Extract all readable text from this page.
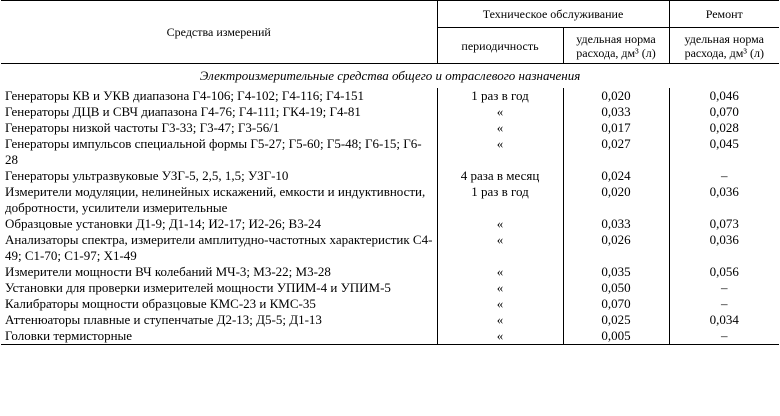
Средства измерений	Техническое обслуживание		Ремонт
	периодичность	удельная норма расхода, дм³ (л)	удельная норма расхода, дм³ (л)
Электроизмерительные средства общего и отраслевого назначения			
Генераторы КВ и УКВ диапазона Г4-106; Г4-102; Г4-116; Г4-151	1 раз в год	0,020	0,046
Генераторы ДЦВ и СВЧ диапазона Г4-76; Г4-111; ГК4-19; Г4-81	«	0,033	0,070
Генераторы низкой частоты Г3-33; Г3-47; Г3-56/1	«	0,017	0,028
Генераторы импульсов специальной формы Г5-27; Г5-60; Г5-48; Г6-15; Г6-28	«	0,027	0,045
Генераторы ультразвуковые УЗГ-5, 2,5, 1,5; УЗГ-10	4 раза в месяц	0,024	–
Измерители модуляции, нелинейных искажений, емкости и индуктивности, добротности, усилители измерительные	1 раз в год	0,020	0,036
Образцовые установки Д1-9; Д1-14; И2-17; И2-26; В3-24	«	0,033	0,073
Анализаторы спектра, измерители амплитудно-частотных характеристик С4-49; С1-70; С1-97; Х1-49	«	0,026	0,036
Измерители мощности ВЧ колебаний МЧ-3; М3-22; М3-28	«	0,035	0,056
Установки для проверки измерителей мощности УПИМ-4 и УПИМ-5	«	0,050	–
Калибраторы мощности образцовые КМС-23 и КМС-35	«	0,070	–
Аттенюаторы плавные и ступенчатые Д2-13; Д5-5; Д1-13	«	0,025	0,034
Головки термисторные	«	0,005	–
